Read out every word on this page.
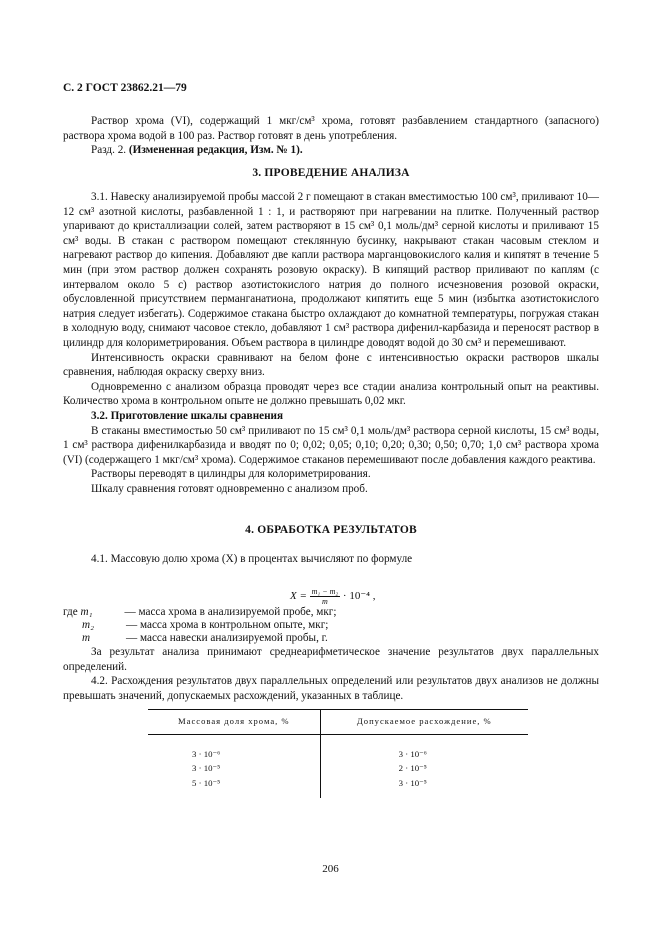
С. 2 ГОСТ 23862.21—79

Раствор хрома (VI), содержащий 1 мкг/см³ хрома, готовят разбавлением стандартного (запасного) раствора хрома водой в 100 раз. Раствор готовят в день употребления.

Разд. 2. (Измененная редакция, Изм. № 1).

3. ПРОВЕДЕНИЕ АНАЛИЗА

3.1. Навеску анализируемой пробы массой 2 г помещают в стакан вместимостью 100 см³, приливают 10—12 см³ азотной кислоты, разбавленной 1 : 1, и растворяют при нагревании на плитке. Полученный раствор упаривают до кристаллизации солей, затем растворяют в 15 см³ 0,1 моль/дм³ серной кислоты и приливают 15 см³ воды. В стакан с раствором помещают стеклянную бусинку, накрывают стакан часовым стеклом и нагревают раствор до кипения. Добавляют две капли раствора марганцовокислого калия и кипятят в течение 5 мин (при этом раствор должен сохранять розовую окраску). В кипящий раствор приливают по каплям (с интервалом около 5 с) раствор азотистокислого натрия до полного исчезновения розовой окраски, обусловленной присутствием перманганатиона, продолжают кипятить еще 5 мин (избытка азотистокислого натрия следует избегать). Содержимое стакана быстро охлаждают до комнатной температуры, погружая стакан в холодную воду, снимают часовое стекло, добавляют 1 см³ раствора дифенил-карбазида и переносят раствор в цилиндр для колориметрирования. Объем раствора в цилиндре доводят водой до 30 см³ и перемешивают.

Интенсивность окраски сравнивают на белом фоне с интенсивностью окраски растворов шкалы сравнения, наблюдая окраску сверху вниз.

Одновременно с анализом образца проводят через все стадии анализа контрольный опыт на реактивы. Количество хрома в контрольном опыте не должно превышать 0,02 мкг.

3.2. Приготовление шкалы сравнения

В стаканы вместимостью 50 см³ приливают по 15 см³ 0,1 моль/дм³ раствора серной кислоты, 15 см³ воды, 1 см³ раствора дифенилкарбазида и вводят по 0; 0,02; 0,05; 0,10; 0,20; 0,30; 0,50; 0,70; 1,0 см³ раствора хрома (VI) (содержащего 1 мкг/см³ хрома). Содержимое стаканов перемешивают после добавления каждого реактива.

Растворы переводят в цилиндры для колориметрирования.

Шкалу сравнения готовят одновременно с анализом проб.

4. ОБРАБОТКА РЕЗУЛЬТАТОВ

4.1. Массовую долю хрома (X) в процентах вычисляют по формуле

$X = \frac{\text{m₁ − m₂}}{m} \cdot 10^{-4}$ ,
где m₁	— масса хрома в анализируемой пробе, мкг;
m₂	— масса хрома в контрольном опыте, мкг;
m	— масса навески анализируемой пробы, г.

За результат анализа принимают среднеарифметическое значение результатов двух параллельных определений.

4.2. Расхождения результатов двух параллельных определений или результатов двух анализов не должны превышать значений, допускаемых расхождений, указанных в таблице.

Массовая доля хрома, %	Допускаемое расхождение, %
3 · 10⁻⁶	3 · 10⁻⁶
3 · 10⁻⁵	2 · 10⁻⁵
5 · 10⁻⁵	3 · 10⁻⁵

206
